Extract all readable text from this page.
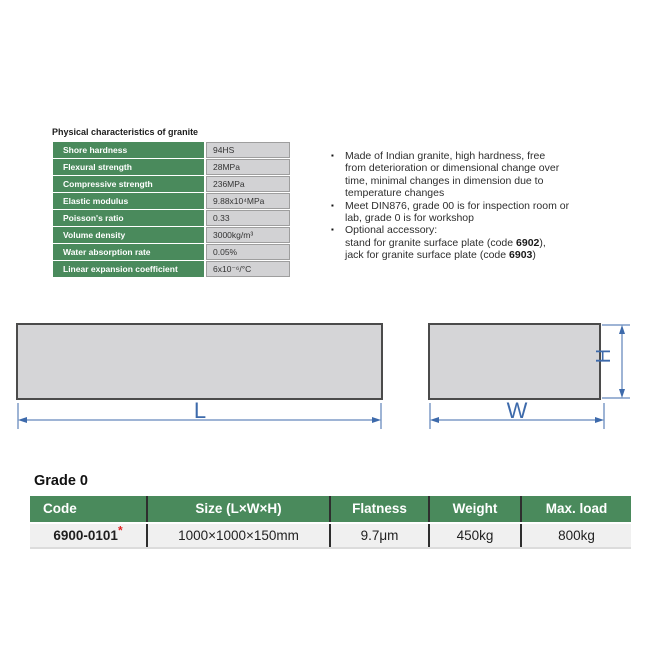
Physical characteristics of granite
Shore hardness	94HS
Flexural strength	28MPa
Compressive strength	236MPa
Elastic modulus	9.88x10⁴MPa
Poisson's ratio	0.33
Volume density	3000kg/m³
Water absorption rate	0.05%
Linear expansion coefficient	6x10⁻⁶/°C
▪ Made of Indian granite, high hardness, free
from deterioration or dimensional change over
time, minimal changes in dimension due to
temperature changes
▪ Meet DIN876, grade 00 is for inspection room or
lab, grade 0 is for workshop
▪ Optional accessory:
stand for granite surface plate (code 6902),
jack for granite surface plate (code 6903)
L	W
H
Grade 0
Code	Size (L×W×H)	Flatness	Weight	Max. load
6900-0101*	1000×1000×150mm	9.7μm	450kg	800kg
